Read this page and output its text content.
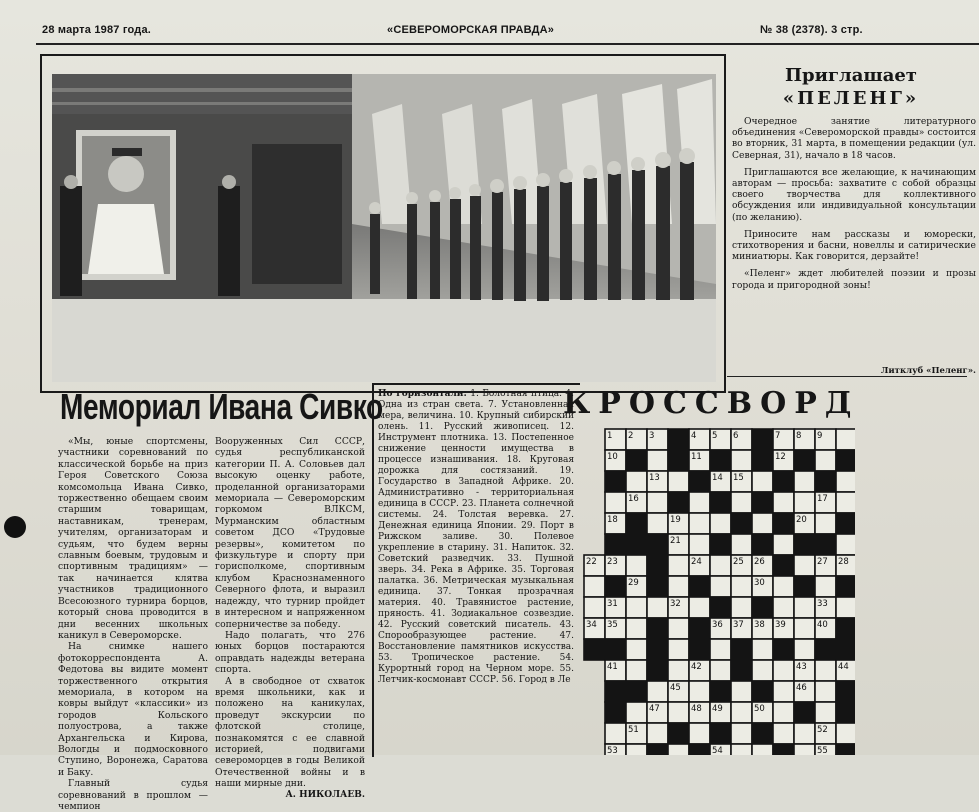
28 марта 1987 года.	«СЕВЕРОМОРСКАЯ ПРАВДА»	№ 38 (2378). 3 стр.
Мемориал Ивана Сивко

«Мы, юные спортсмены, участники соревнований по классической борьбе на приз Героя Советского Союза комсомольца Ивана Сивко, торжественно обещаем своим старшим товарищам, наставникам, тренерам, учителям, организаторам и судьям, что будем верны славным боевым, трудовым и спортивным традициям» — так начинается клятва участников традиционного Всесоюзного турнира борцов, который снова проводится в дни весенних школьных каникул в Североморске.

На снимке нашего фотокорреспондента А. Федотова вы видите момент торжественного открытия мемориала, в котором на ковры выйдут «классики» из городов Кольского полуострова, а также Архангельска и Кирова, Вологды и подмосковного Ступино, Воронежа, Саратова и Баку.

Главный судья соревнований в прошлом — чемпион

Вооруженных Сил СССР, судья республиканской категории П. А. Соловьев дал высокую оценку работе, проделанной организаторами мемориала — Североморским горкомом ВЛКСМ, Мурманским областным советом ДСО «Трудовые резервы», комитетом по физкультуре и спорту при горисполкоме, спортивным клубом Краснознаменного Северного флота, и выразил надежду, что турнир пройдет в интересном и напряженном соперничестве за победу.

Надо полагать, что 276 юных борцов постараются оправдать надежды ветерана спорта.

А в свободное от схваток время школьники, как и положено на каникулах, проведут экскурсии по флотской столице, познакомятся с ее славной историей, подвигами североморцев в годы Великой Отечественной войны и в наши мирные дни.

А. НИКОЛАЕВ.
Приглашает
«ПЕЛЕНГ»

Очередное занятие литературного объединения «Североморской правды» состоится во вторник, 31 марта, в помещении редакции (ул. Северная, 31), начало в 18 часов.

Приглашаются все желающие, к начинающим авторам — просьба: захватите с собой образцы своего творчества для коллективного обсуждения или индивидуальной консультации (по желанию).

Приносите нам рассказы и юморески, стихотворения и басни, новеллы и сатирические миниатюры. Как говорится, дерзайте!

«Пеленг» ждет любителей поэзии и прозы города и пригородной зоны!

Литклуб «Пеленг».
По горизонтали: 1. Болотная птица. 4. Одна из стран света. 7. Установленная мера, величина. 10. Крупный сибирский олень. 11. Русский живописец. 12. Инструмент плотника. 13. Постепенное снижение ценности имущества в процессе изнашивания. 18. Круговая дорожка для состязаний. 19. Государство в Западной Африке. 20. Административно - территориальная единица в СССР. 23. Планета солнечной системы. 24. Толстая веревка. 27. Денежная единица Японии. 29. Порт в Рижском заливе. 30. Полевое укрепление в старину. 31. Напиток. 32. Советский разведчик. 33. Пушной зверь. 34. Река в Африке. 35. Торговая палатка. 36. Метрическая музыкальная единица. 37. Тонкая прозрачная материя. 40. Травянистое растение, пряность. 41. Зодиакальное созвездие. 42. Русский советский писатель. 43. Спорообразующее растение. 47. Восстановление памятников искусства. 53. Тропическое растение. 54. Курортный город на Черном море. 55. Летчик-космонавт СССР. 56. Город в Ле
КРОССВОРД
1 2 3	4 5 6	7 8 9
10	11	12
13	14 15
16	17
18	19	20
21
22 23	24	25 26	27 28
29	30
31	32	33
34 35	36 37 38 39	40
41	42	43	44
45	46
47	48 49	50
51	52
53	54	55
